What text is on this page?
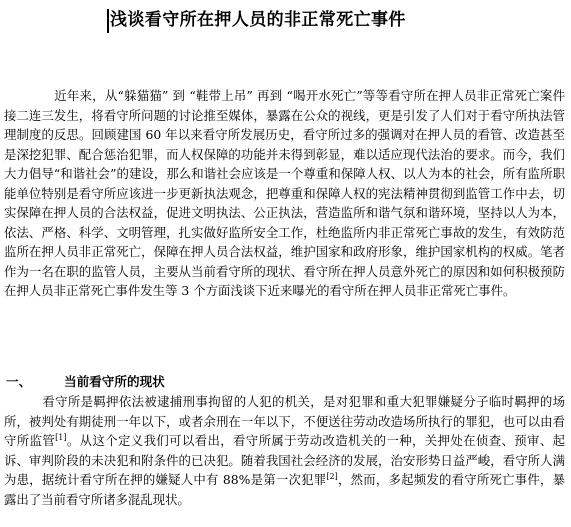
浅谈看守所在押人员的非正常死亡事件
近年来，从“躲猫猫” 到 “鞋带上吊” 再到 “喝开水死亡”等等看守所在押人员非正常死亡案件接二连三发生，将看守所问题的讨论推至媒体，暴露在公众的视线，更是引发了人们对于看守所执法管理制度的反思。回顾建国 60 年以来看守所发展历史，看守所过多的强调对在押人员的看管、改造甚至是深挖犯罪、配合惩治犯罪，而人权保障的功能并未得到彰显，难以适应现代法治的要求。而今，我们大力倡导“和谐社会”的建设，那么和谐社会应该是一个尊重和保障人权、以人为本的社会，所有监所职能单位特别是看守所应该进一步更新执法观念，把尊重和保障人权的宪法精神贯彻到监管工作中去，切实保障在押人员的合法权益，促进文明执法、公正执法，营造监所和谐气氛和谐环境，坚持以人为本，依法、严格、科学、文明管理，扎实做好监所安全工作，杜绝监所内非正常死亡事故的发生，有效防范监所在押人员非正常死亡，保障在押人员合法权益，维护国家和政府形象，维护国家机构的权威。笔者作为一名在职的监管人员，主要从当前看守所的现状、看守所在押人员意外死亡的原因和如何积极预防在押人员非正常死亡事件发生等 3 个方面浅谈下近来曝光的看守所在押人员非正常死亡事件。
一、	当前看守所的现状
看守所是羁押依法被逮捕刑事拘留的人犯的机关，是对犯罪和重大犯罪嫌疑分子临时羁押的场所，被判处有期徒刑一年以下，或者余刑在一年以下，不便送往劳动改造场所执行的罪犯，也可以由看守所监管[1]。从这个定义我们可以看出，看守所属于劳动改造机关的一种，关押处在侦查、预审、起诉、审判阶段的未决犯和附条件的已决犯。随着我国社会经济的发展，治安形势日益严峻，看守所人满为患，据统计看守所在押的嫌疑人中有 88%是第一次犯罪[2]，然而，多起频发的看守所死亡事件，暴露出了当前看守所诸多混乱现状。
